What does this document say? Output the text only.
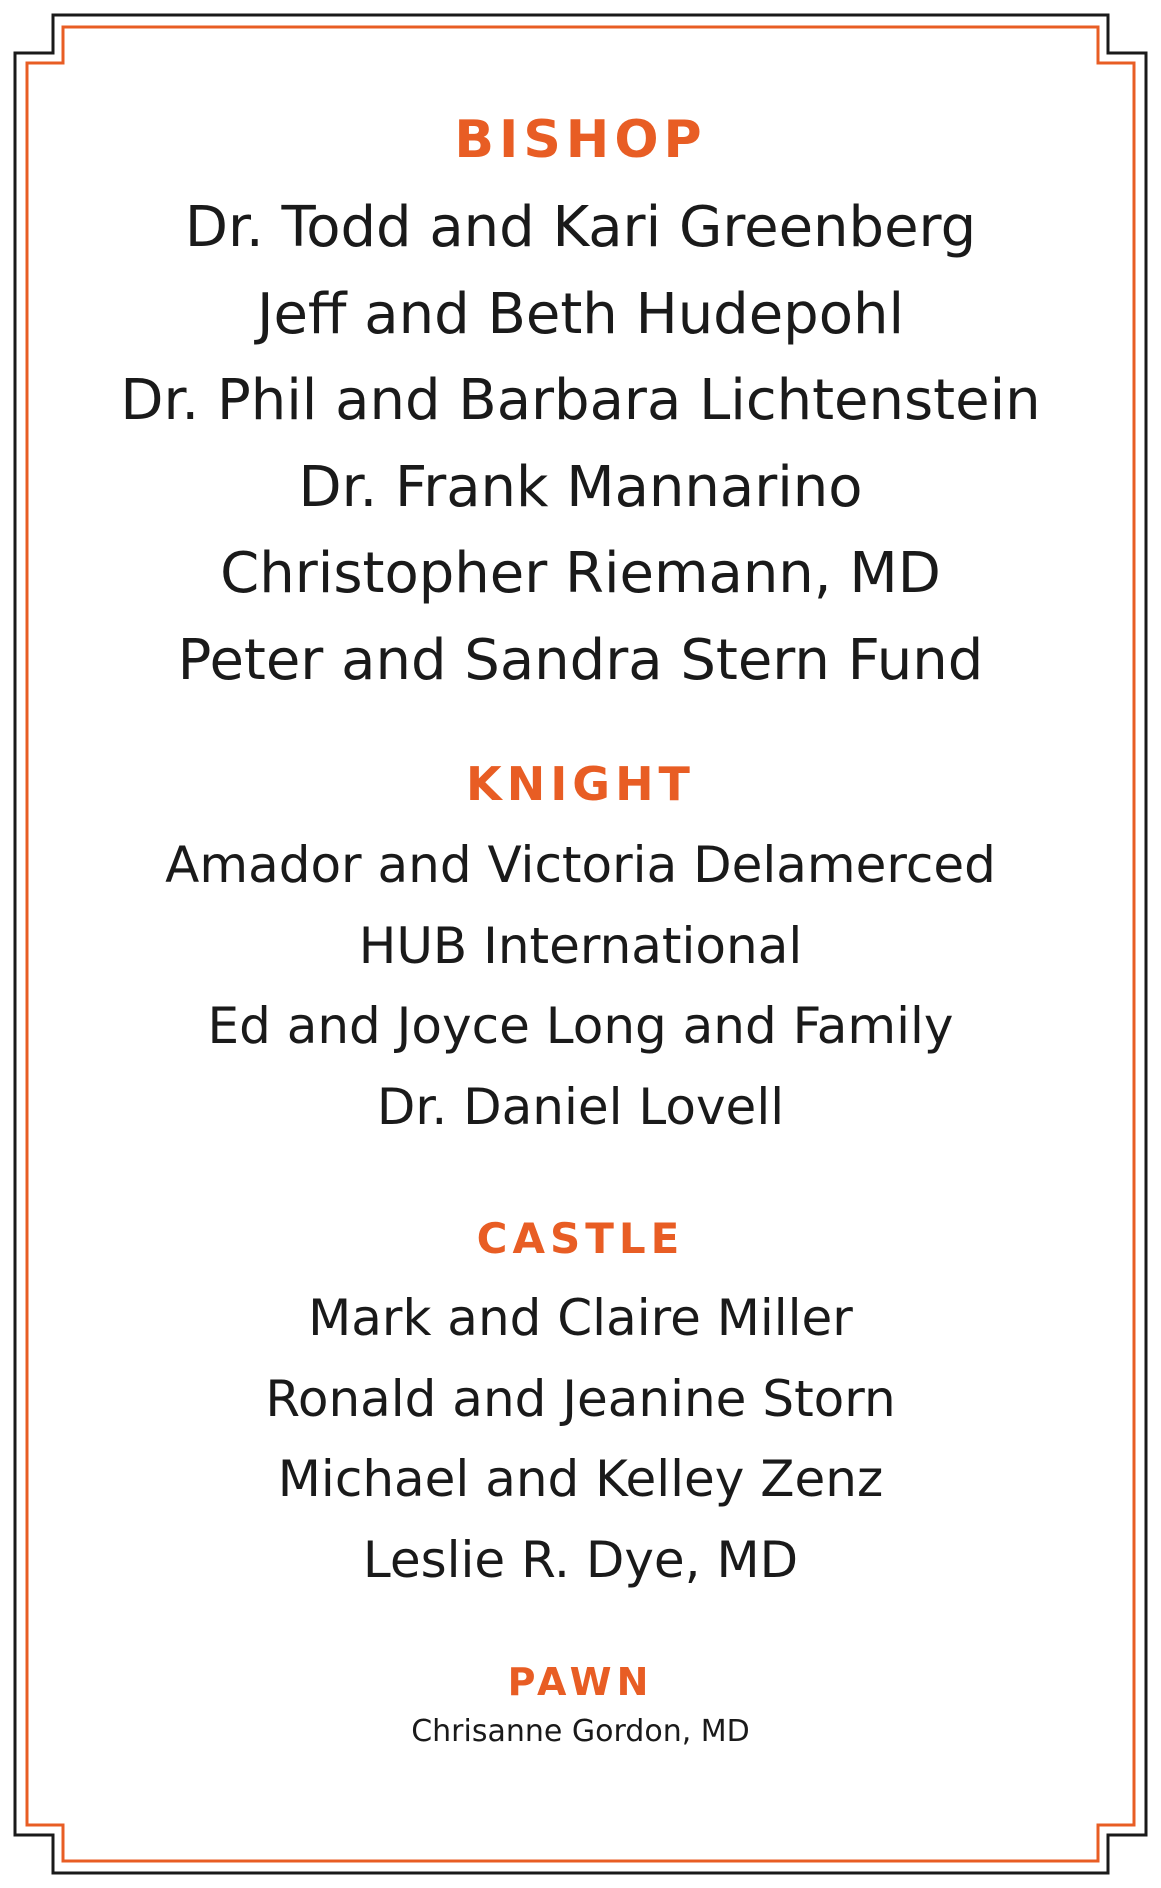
BISHOP
Dr. Todd and Kari Greenberg
Jeff and Beth Hudepohl
Dr. Phil and Barbara Lichtenstein
Dr. Frank Mannarino
Christopher Riemann, MD
Peter and Sandra Stern Fund
KNIGHT
Amador and Victoria Delamerced
HUB International
Ed and Joyce Long and Family
Dr. Daniel Lovell
CASTLE
Mark and Claire Miller
Ronald and Jeanine Storn
Michael and Kelley Zenz
Leslie R. Dye, MD
PAWN
Chrisanne Gordon, MD
